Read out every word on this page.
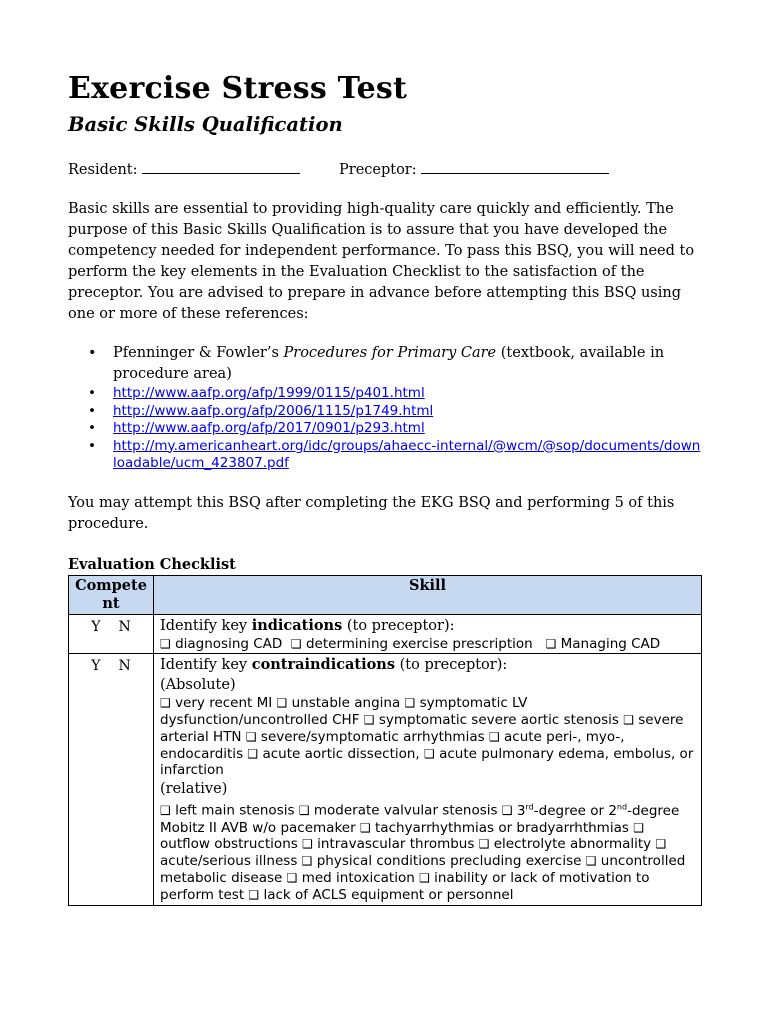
Exercise Stress Test
Basic Skills Qualification
Resident:	Preceptor:
Basic skills are essential to providing high-quality care quickly and efficiently. The purpose of this Basic Skills Qualification is to assure that you have developed the competency needed for independent performance. To pass this BSQ, you will need to perform the key elements in the Evaluation Checklist to the satisfaction of the preceptor. You are advised to prepare in advance before attempting this BSQ using one or more of these references:
• Pfenninger & Fowler’s Procedures for Primary Care (textbook, available in procedure area)
• http://www.aafp.org/afp/1999/0115/p401.html
• http://www.aafp.org/afp/2006/1115/p1749.html
• http://www.aafp.org/afp/2017/0901/p293.html
• http://my.americanheart.org/idc/groups/ahaecc-internal/@wcm/@sop/documents/downloadable/ucm_423807.pdf
You may attempt this BSQ after completing the EKG BSQ and performing 5 of this procedure.
Evaluation Checklist
Competent	Skill
Y N	Identify key indications (to preceptor):
❑ diagnosing CAD ❑ determining exercise prescription ❑ Managing CAD

Y N	Identify key contraindications (to preceptor):
(Absolute)
❑ very recent MI ❑ unstable angina ❑ symptomatic LV dysfunction/uncontrolled CHF ❑ symptomatic severe aortic stenosis ❑ severe arterial HTN ❑ severe/symptomatic arrhythmias ❑ acute peri-, myo-, endocarditis ❑ acute aortic dissection, ❑ acute pulmonary edema, embolus, or infarction
(relative)
❑ left main stenosis ❑ moderate valvular stenosis ❑ 3rd-degree or 2nd-degree Mobitz II AVB w/o pacemaker ❑ tachyarrhythmias or bradyarrhthmias ❑ outflow obstructions ❑ intravascular thrombus ❑ electrolyte abnormality ❑ acute/serious illness ❑ physical conditions precluding exercise ❑ uncontrolled metabolic disease ❑ med intoxication ❑ inability or lack of motivation to perform test ❑ lack of ACLS equipment or personnel
